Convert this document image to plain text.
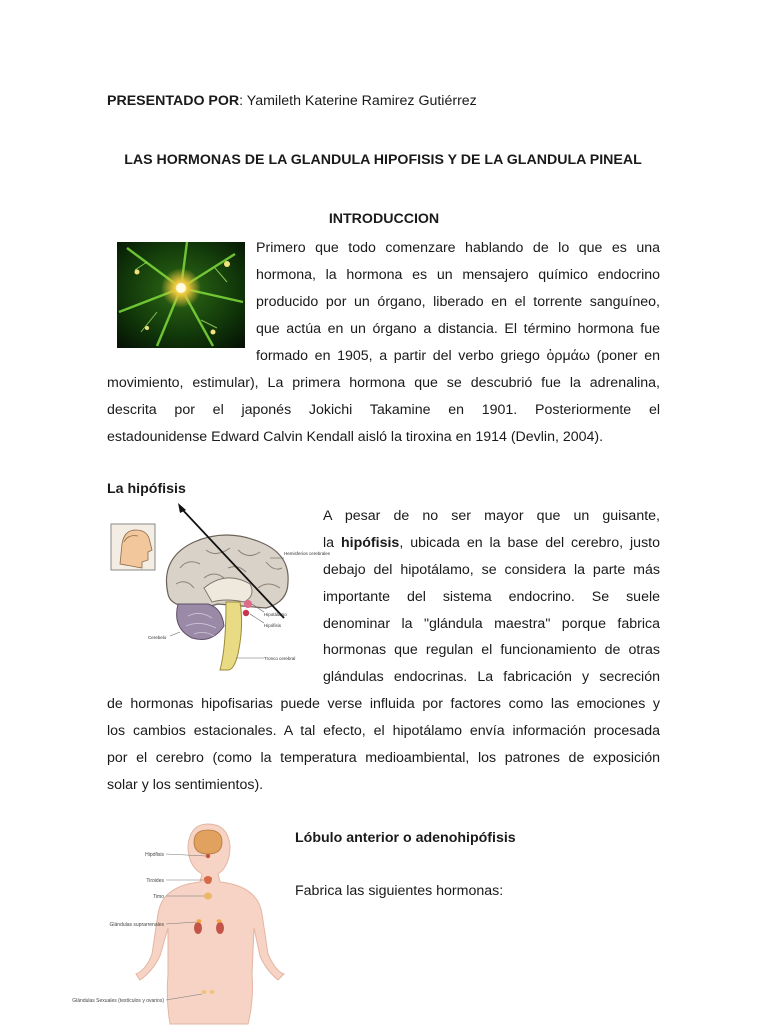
PRESENTADO POR: Yamileth Katerine Ramirez Gutiérrez
LAS HORMONAS DE LA GLANDULA HIPOFISIS Y DE LA GLANDULA PINEAL
INTRODUCCION
Primero que todo comenzare hablando de lo que es una
hormona, la hormona es un mensajero químico endocrino
producido por un órgano, liberado en el torrente sanguíneo,
que actúa en un órgano a distancia. El término hormona fue
formado en 1905, a partir del verbo griego ὁρμάω (poner en
movimiento, estimular), La primera hormona que se descubrió fue la adrenalina,
descrita por el japonés Jokichi Takamine en 1901. Posteriormente el
estadounidense Edward Calvin Kendall aisló la tiroxina en 1914 (Devlin, 2004).
La hipófisis
Hemisferios cerebrales
Hipotálamo
Hipófisis
Cerebelo
Tronco cerebral
A pesar de no ser mayor que un guisante,
la hipófisis, ubicada en la base del cerebro, justo
debajo del hipotálamo, se considera la parte más
importante del sistema endocrino. Se suele
denominar la "glándula maestra" porque fabrica
hormonas que regulan el funcionamiento de otras
glándulas endocrinas. La fabricación y secreción
de hormonas hipofisarias puede verse influida por factores como las emociones y
los cambios estacionales. A tal efecto, el hipotálamo envía información procesada
por el cerebro (como la temperatura medioambiental, los patrones de exposición
solar y los sentimientos).
Hipófisis
Tiroides
Timo
Glándulas suprarrenales
Glándulas Sexuales (testículos y ovarios)
Lóbulo anterior o adenohipófisis
Fabrica las siguientes hormonas:
